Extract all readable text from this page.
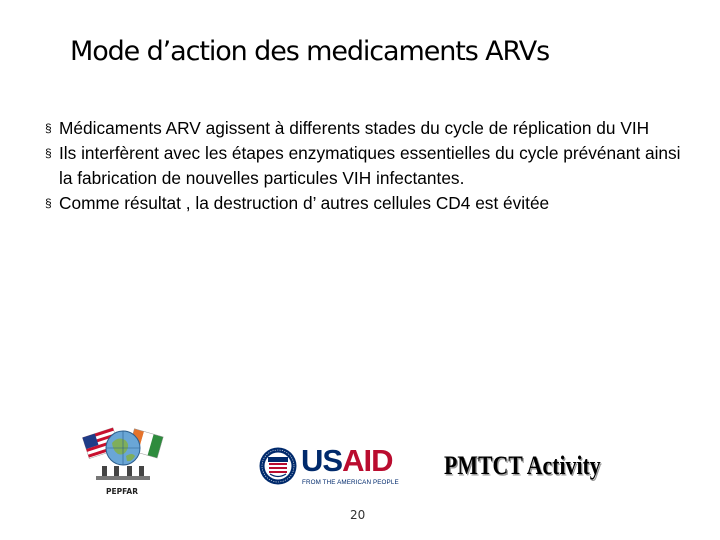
Mode d’action des medicaments ARVs
§ Médicaments ARV agissent à differents stades du cycle de réplication du VIH
§ Ils interfèrent avec les étapes enzymatiques essentielles du cycle prévénant ainsi la fabrication de nouvelles particules VIH infectantes.
§ Comme résultat , la destruction d’ autres cellules CD4 est évitée
PEPFAR
USAID
FROM THE AMERICAN PEOPLE
PMTCT Activity
20
